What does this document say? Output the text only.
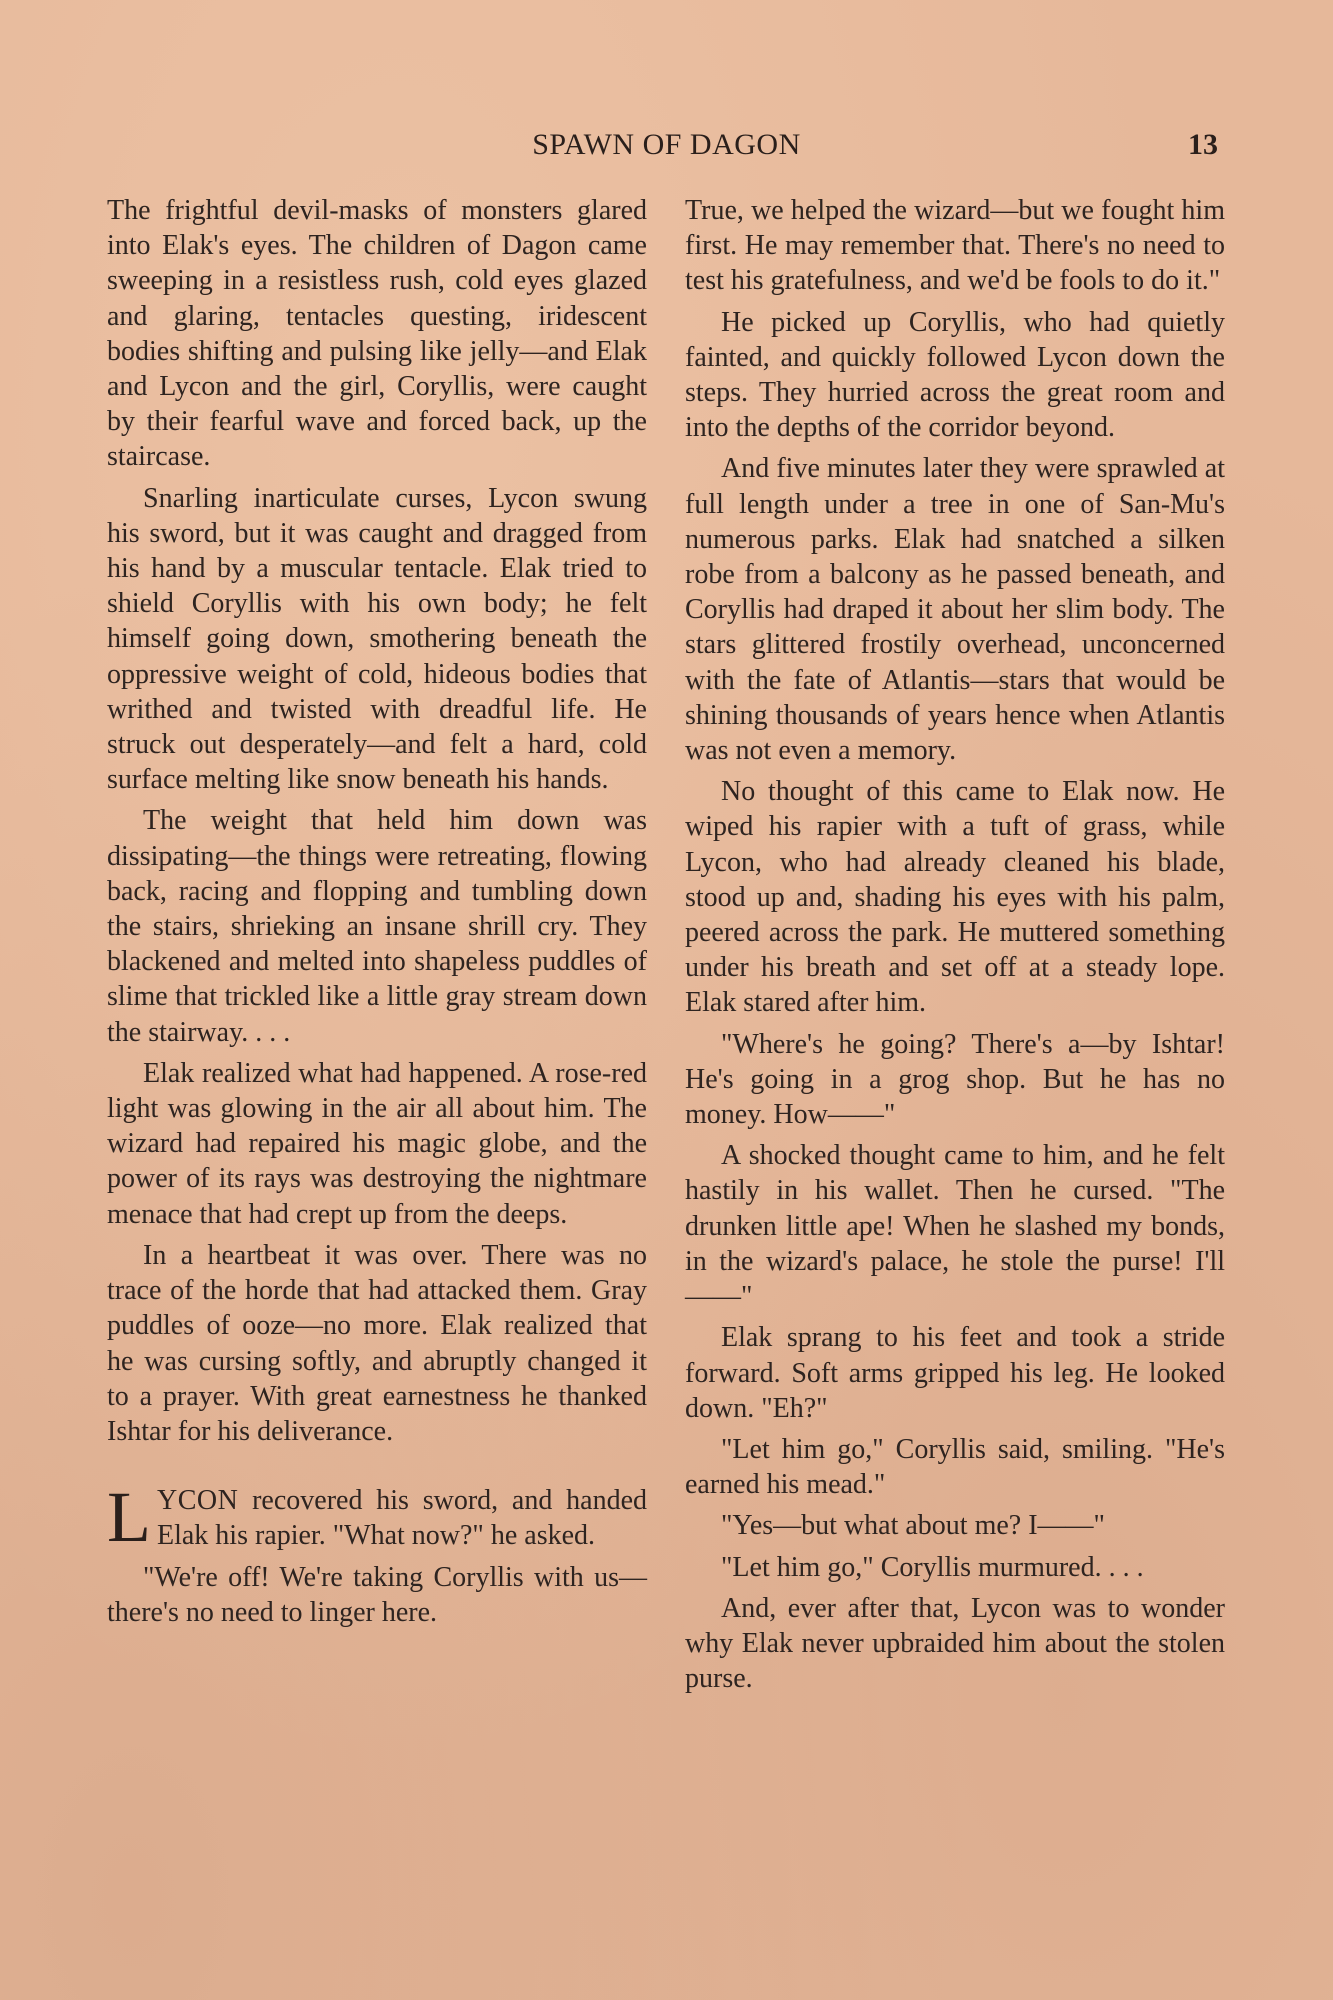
SPAWN OF DAGON	13

The frightful devil-masks of monsters glared into Elak's eyes. The children of Dagon came sweeping in a resistless rush, cold eyes glazed and glaring, tentacles questing, iridescent bodies shifting and pulsing like jelly—and Elak and Lycon and the girl, Coryllis, were caught by their fearful wave and forced back, up the staircase.

Snarling inarticulate curses, Lycon swung his sword, but it was caught and dragged from his hand by a muscular tentacle. Elak tried to shield Coryllis with his own body; he felt himself going down, smothering beneath the oppressive weight of cold, hideous bodies that writhed and twisted with dreadful life. He struck out desperately—and felt a hard, cold surface melting like snow beneath his hands.

The weight that held him down was dissipating—the things were retreating, flowing back, racing and flopping and tumbling down the stairs, shrieking an insane shrill cry. They blackened and melted into shapeless puddles of slime that trickled like a little gray stream down the stairway. . . .

Elak realized what had happened. A rose-red light was glowing in the air all about him. The wizard had repaired his magic globe, and the power of its rays was destroying the nightmare menace that had crept up from the deeps.

In a heartbeat it was over. There was no trace of the horde that had attacked them. Gray puddles of ooze—no more. Elak realized that he was cursing softly, and abruptly changed it to a prayer. With great earnestness he thanked Ishtar for his deliverance.

LYCON recovered his sword, and handed Elak his rapier. "What now?" he asked.

"We're off! We're taking Coryllis with us—there's no need to linger here.

True, we helped the wizard—but we fought him first. He may remember that. There's no need to test his gratefulness, and we'd be fools to do it."

He picked up Coryllis, who had quietly fainted, and quickly followed Lycon down the steps. They hurried across the great room and into the depths of the corridor beyond.

And five minutes later they were sprawled at full length under a tree in one of San-Mu's numerous parks. Elak had snatched a silken robe from a balcony as he passed beneath, and Coryllis had draped it about her slim body. The stars glittered frostily overhead, unconcerned with the fate of Atlantis—stars that would be shining thousands of years hence when Atlantis was not even a memory.

No thought of this came to Elak now. He wiped his rapier with a tuft of grass, while Lycon, who had already cleaned his blade, stood up and, shading his eyes with his palm, peered across the park. He muttered something under his breath and set off at a steady lope. Elak stared after him.

"Where's he going? There's a—by Ishtar! He's going in a grog shop. But he has no money. How——"

A shocked thought came to him, and he felt hastily in his wallet. Then he cursed. "The drunken little ape! When he slashed my bonds, in the wizard's palace, he stole the purse! I'll——"

Elak sprang to his feet and took a stride forward. Soft arms gripped his leg. He looked down. "Eh?"

"Let him go," Coryllis said, smiling. "He's earned his mead."

"Yes—but what about me? I——"

"Let him go," Coryllis murmured. . . .

And, ever after that, Lycon was to wonder why Elak never upbraided him about the stolen purse.
